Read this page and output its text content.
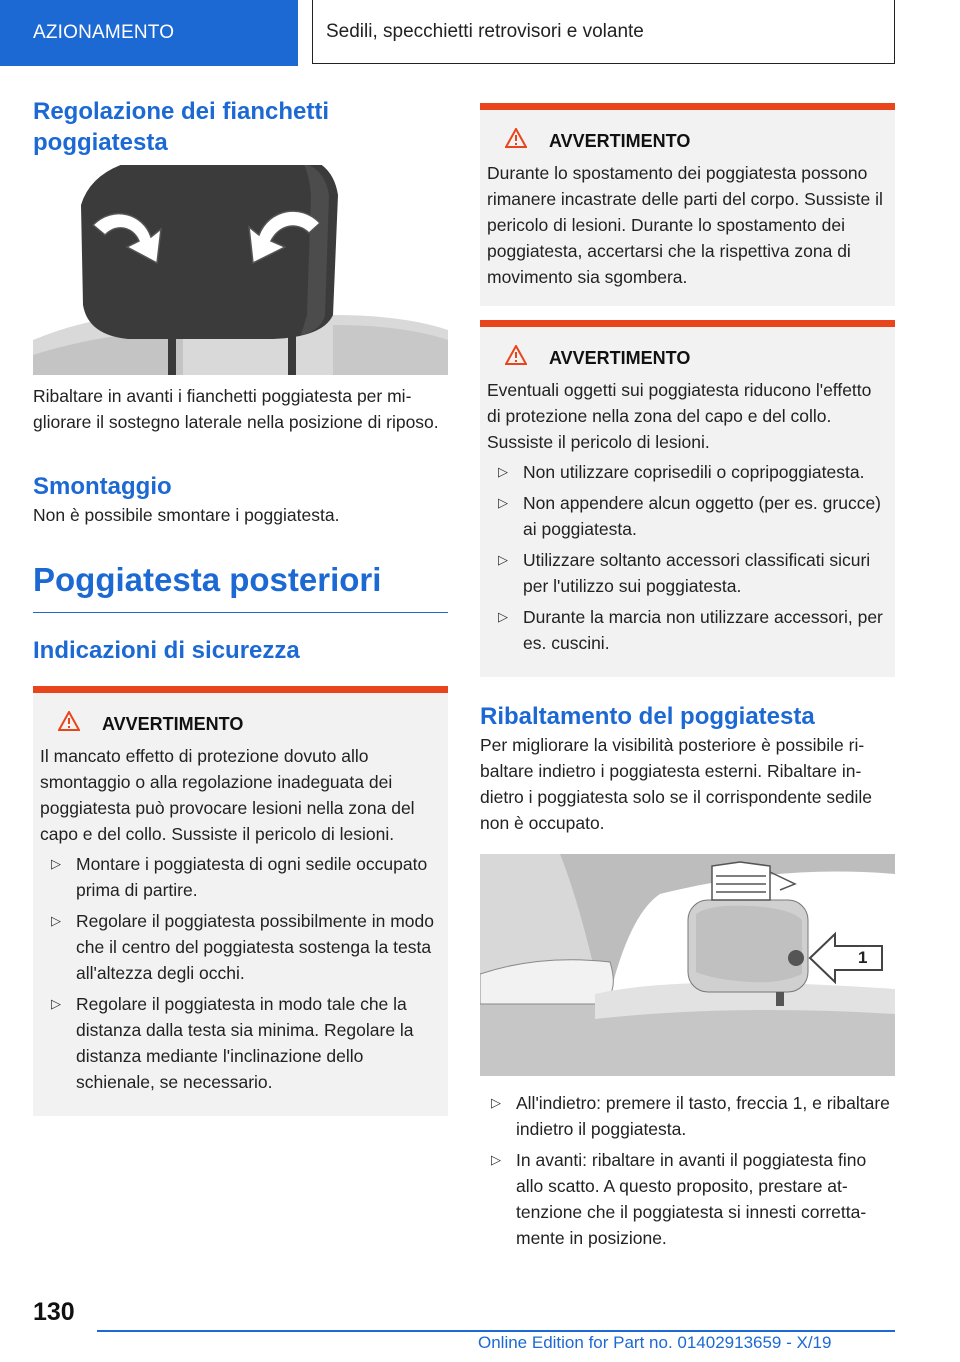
AZIONAMENTO	Sedili, specchietti retrovisori e volante
Regolazione dei fianchetti poggiatesta

Ribaltare in avanti i fianchetti poggiatesta per migliorare il sostegno laterale nella posizione di riposo.

Smontaggio

Non è possibile smontare i poggiatesta.

Poggiatesta posteriori
Indicazioni di sicurezza
AVVERTIMENTO

Il mancato effetto di protezione dovuto allo smontaggio o alla regolazione inadeguata dei poggiatesta può provocare lesioni nella zona del capo e del collo. Sussiste il pericolo di lesioni.

▷ Montare i poggiatesta di ogni sedile occupato prima di partire.
▷ Regolare il poggiatesta possibilmente in modo che il centro del poggiatesta sostenga la testa all'altezza degli occhi.
▷ Regolare il poggiatesta in modo tale che la distanza dalla testa sia minima. Regolare la distanza mediante l'inclinazione dello schienale, se necessario.
AVVERTIMENTO

Durante lo spostamento dei poggiatesta possono rimanere incastrate delle parti del corpo. Sussiste il pericolo di lesioni. Durante lo spostamento dei poggiatesta, accertarsi che la rispettiva zona di movimento sia sgombera.

AVVERTIMENTO

Eventuali oggetti sui poggiatesta riducono l'effetto di protezione nella zona del capo e del collo. Sussiste il pericolo di lesioni.

▷ Non utilizzare coprisedili o copripoggiatesta.
▷ Non appendere alcun oggetto (per es. grucce) ai poggiatesta.
▷ Utilizzare soltanto accessori classificati sicuri per l'utilizzo sui poggiatesta.
▷ Durante la marcia non utilizzare accessori, per es. cuscini.
Ribaltamento del poggiatesta

Per migliorare la visibilità posteriore è possibile ribaltare indietro i poggiatesta esterni. Ribaltare indietro i poggiatesta solo se il corrispondente sedile non è occupato.

1
▷ All'indietro: premere il tasto, freccia 1, e ribaltare indietro il poggiatesta.
▷ In avanti: ribaltare in avanti il poggiatesta fino allo scatto. A questo proposito, prestare attenzione che il poggiatesta si innesti correttamente in posizione.
130
Online Edition for Part no. 01402913659 - X/19
